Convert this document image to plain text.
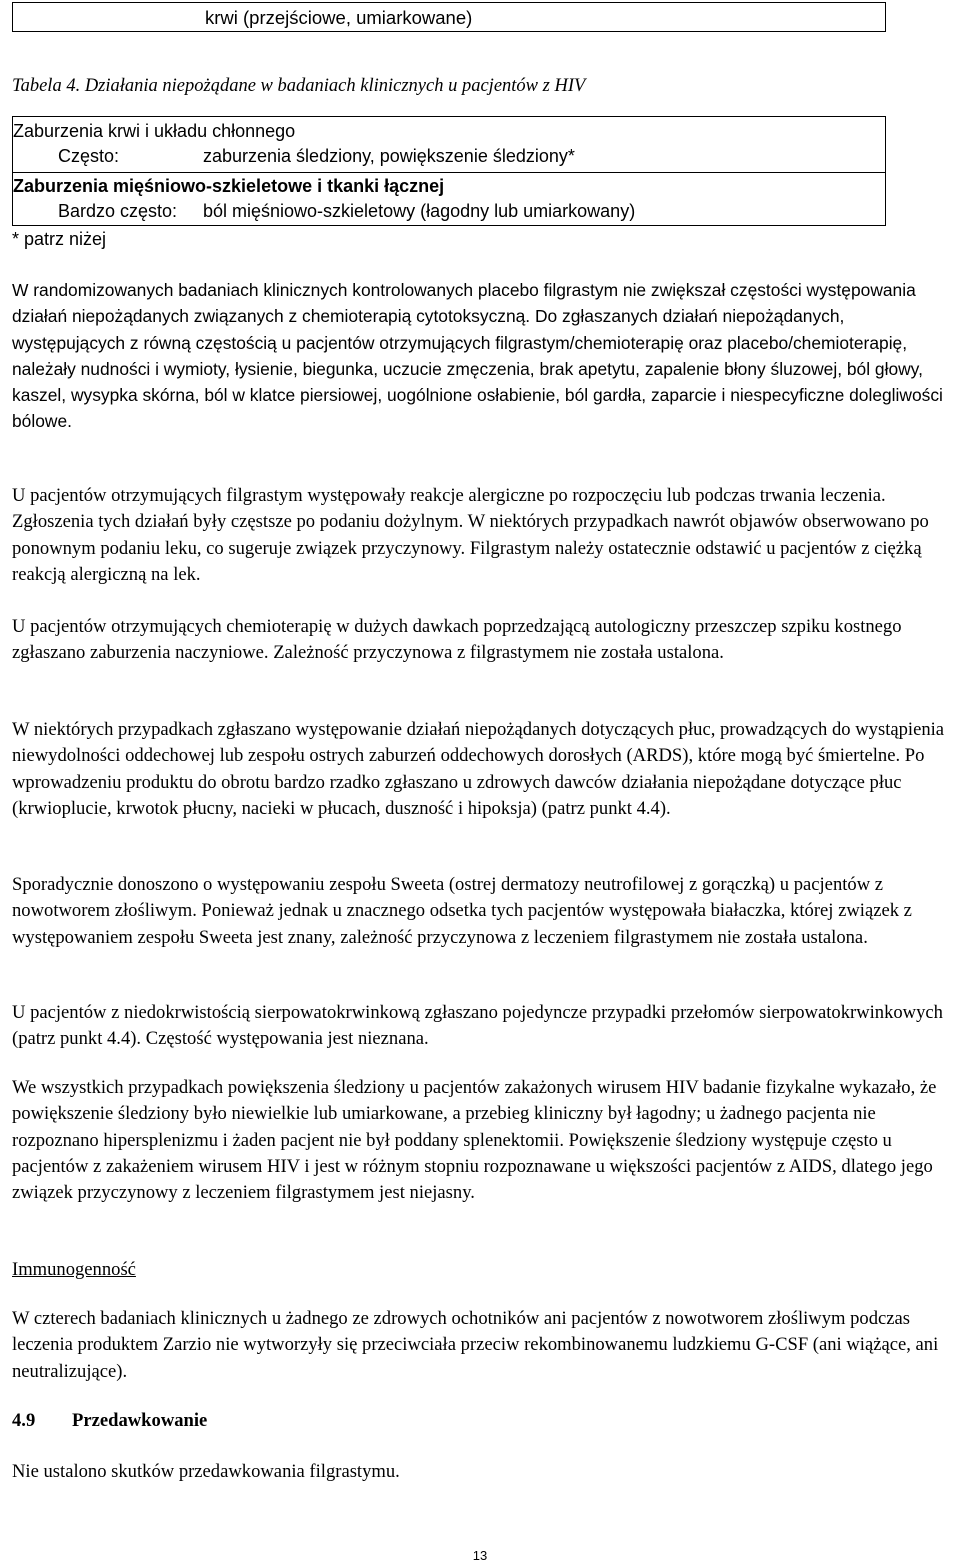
krwi (przejściowe, umiarkowane)
Tabela 4. Działania niepożądane w badaniach klinicznych u pacjentów z HIV
Zaburzenia krwi i układu chłonnego
Często:	zaburzenia śledziony, powiększenie śledziony*
Zaburzenia mięśniowo-szkieletowe i tkanki łącznej
Bardzo często: ból mięśniowo-szkieletowy (łagodny lub umiarkowany)
* patrz niżej

W randomizowanych badaniach klinicznych kontrolowanych placebo filgrastym nie zwiększał częstości występowania działań niepożądanych związanych z chemioterapią cytotoksyczną. Do zgłaszanych działań niepożądanych, występujących z równą częstością u pacjentów otrzymujących filgrastym/chemioterapię oraz placebo/chemioterapię, należały nudności i wymioty, łysienie, biegunka, uczucie zmęczenia, brak apetytu, zapalenie błony śluzowej, ból głowy, kaszel, wysypka skórna, ból w klatce piersiowej, uogólnione osłabienie, ból gardła, zaparcie i niespecyficzne dolegliwości bólowe.

U pacjentów otrzymujących filgrastym występowały reakcje alergiczne po rozpoczęciu lub podczas trwania leczenia. Zgłoszenia tych działań były częstsze po podaniu dożylnym. W niektórych przypadkach nawrót objawów obserwowano po ponownym podaniu leku, co sugeruje związek przyczynowy. Filgrastym należy ostatecznie odstawić u pacjentów z ciężką reakcją alergiczną na lek.

U pacjentów otrzymujących chemioterapię w dużych dawkach poprzedzającą autologiczny przeszczep szpiku kostnego zgłaszano zaburzenia naczyniowe. Zależność przyczynowa z filgrastymem nie została ustalona.

W niektórych przypadkach zgłaszano występowanie działań niepożądanych dotyczących płuc, prowadzących do wystąpienia niewydolności oddechowej lub zespołu ostrych zaburzeń oddechowych dorosłych (ARDS), które mogą być śmiertelne. Po wprowadzeniu produktu do obrotu bardzo rzadko zgłaszano u zdrowych dawców działania niepożądane dotyczące płuc (krwioplucie, krwotok płucny, nacieki w płucach, duszność i hipoksja) (patrz punkt 4.4).

Sporadycznie donoszono o występowaniu zespołu Sweeta (ostrej dermatozy neutrofilowej z gorączką) u pacjentów z nowotworem złośliwym. Ponieważ jednak u znacznego odsetka tych pacjentów występowała białaczka, której związek z występowaniem zespołu Sweeta jest znany, zależność przyczynowa z leczeniem filgrastymem nie została ustalona.

U pacjentów z niedokrwistością sierpowatokrwinkową zgłaszano pojedyncze przypadki przełomów sierpowatokrwinkowych (patrz punkt 4.4). Częstość występowania jest nieznana.

We wszystkich przypadkach powiększenia śledziony u pacjentów zakażonych wirusem HIV badanie fizykalne wykazało, że powiększenie śledziony było niewielkie lub umiarkowane, a przebieg kliniczny był łagodny; u żadnego pacjenta nie rozpoznano hipersplenizmu i żaden pacjent nie był poddany splenektomii. Powiększenie śledziony występuje często u pacjentów z zakażeniem wirusem HIV i jest w różnym stopniu rozpoznawane u większości pacjentów z AIDS, dlatego jego związek przyczynowy z leczeniem filgrastymem jest niejasny.

Immunogenność

W czterech badaniach klinicznych u żadnego ze zdrowych ochotników ani pacjentów z nowotworem złośliwym podczas leczenia produktem Zarzio nie wytworzyły się przeciwciała przeciw rekombinowanemu ludzkiemu G-CSF (ani wiążące, ani neutralizujące).

4.9 Przedawkowanie

Nie ustalono skutków przedawkowania filgrastymu.

13
